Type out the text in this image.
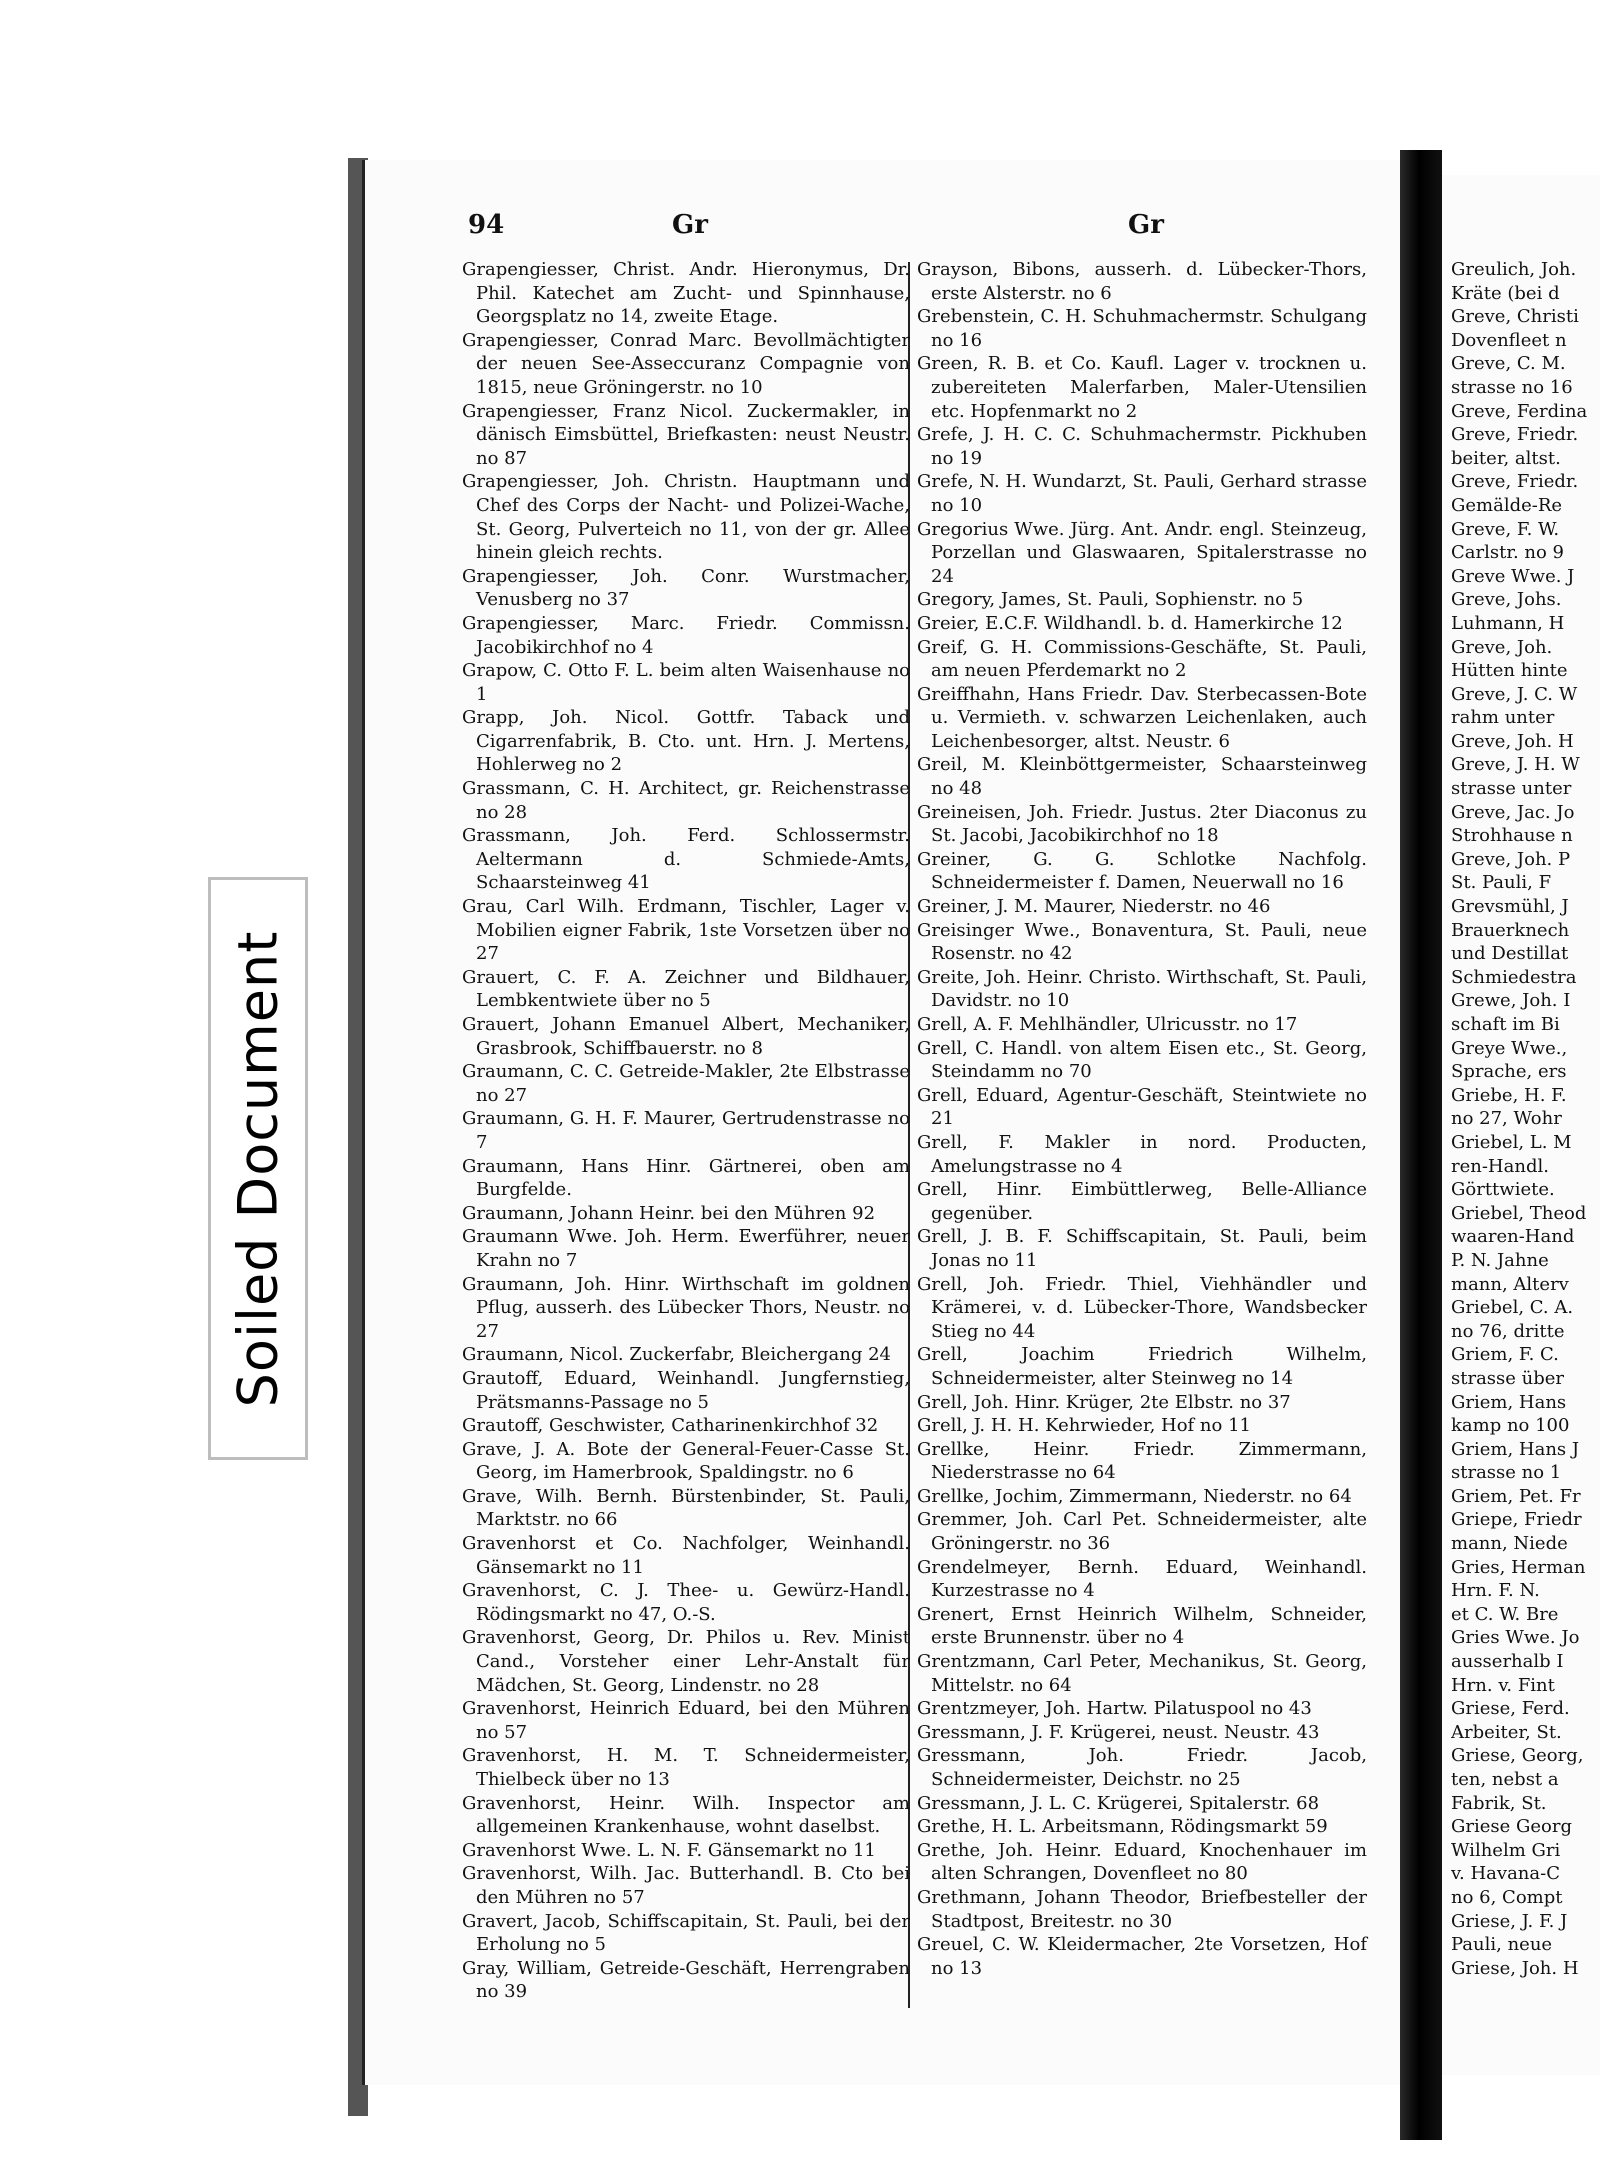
Soiled Document
94	Gr	Gr
Grapengiesser, Christ. Andr. Hieronymus, Dr. Phil. Katechet am Zucht- und Spinnhause, Georgsplatz no 14, zweite Etage.
Grapengiesser, Conrad Marc. Bevollmächtigter der neuen See-Asseccuranz Compagnie von 1815, neue Gröningerstr. no 10
Grapengiesser, Franz Nicol. Zuckermakler, in dänisch Eimsbüttel, Briefkasten: neust Neustr. no 87
Grapengiesser, Joh. Christn. Hauptmann und Chef des Corps der Nacht- und Polizei-Wache, St. Georg, Pulverteich no 11, von der gr. Allee hinein gleich rechts.
Grapengiesser, Joh. Conr. Wurstmacher, Venusberg no 37
Grapengiesser, Marc. Friedr. Commissn. Jacobikirchhof no 4
Grapow, C. Otto F. L. beim alten Waisenhause no 1
Grapp, Joh. Nicol. Gottfr. Taback und Cigarrenfabrik, B. Cto. unt. Hrn. J. Mertens, Hohlerweg no 2
Grassmann, C. H. Architect, gr. Reichenstrasse no 28
Grassmann, Joh. Ferd. Schlossermstr. Aeltermann d. Schmiede-Amts, Schaarsteinweg 41
Grau, Carl Wilh. Erdmann, Tischler, Lager v. Mobilien eigner Fabrik, 1ste Vorsetzen über no 27
Grauert, C. F. A. Zeichner und Bildhauer, Lembkentwiete über no 5
Grauert, Johann Emanuel Albert, Mechaniker, Grasbrook, Schiffbauerstr. no 8
Graumann, C. C. Getreide-Makler, 2te Elbstrasse no 27
Graumann, G. H. F. Maurer, Gertrudenstrasse no 7
Graumann, Hans Hinr. Gärtnerei, oben am Burgfelde.
Graumann, Johann Heinr. bei den Mühren 92
Graumann Wwe. Joh. Herm. Ewerführer, neuer Krahn no 7
Graumann, Joh. Hinr. Wirthschaft im goldnen Pflug, ausserh. des Lübecker Thors, Neustr. no 27
Graumann, Nicol. Zuckerfabr, Bleichergang 24
Grautoff, Eduard, Weinhandl. Jungfernstieg, Prätsmanns-Passage no 5
Grautoff, Geschwister, Catharinenkirchhof 32
Grave, J. A. Bote der General-Feuer-Casse St. Georg, im Hamerbrook, Spaldingstr. no 6
Grave, Wilh. Bernh. Bürstenbinder, St. Pauli, Marktstr. no 66
Gravenhorst et Co. Nachfolger, Weinhandl. Gänsemarkt no 11
Gravenhorst, C. J. Thee- u. Gewürz-Handl. Rödingsmarkt no 47, O.-S.
Gravenhorst, Georg, Dr. Philos u. Rev. Minist Cand., Vorsteher einer Lehr-Anstalt für Mädchen, St. Georg, Lindenstr. no 28
Gravenhorst, Heinrich Eduard, bei den Mühren no 57
Gravenhorst, H. M. T. Schneidermeister, Thielbeck über no 13
Gravenhorst, Heinr. Wilh. Inspector am allgemeinen Krankenhause, wohnt daselbst.
Gravenhorst Wwe. L. N. F. Gänsemarkt no 11
Gravenhorst, Wilh. Jac. Butterhandl. B. Cto bei den Mühren no 57
Gravert, Jacob, Schiffscapitain, St. Pauli, bei der Erholung no 5
Gray, William, Getreide-Geschäft, Herrengraben no 39
Grayson, Bibons, ausserh. d. Lübecker-Thors, erste Alsterstr. no 6
Grebenstein, C. H. Schuhmachermstr. Schulgang no 16
Green, R. B. et Co. Kaufl. Lager v. trocknen u. zubereiteten Malerfarben, Maler-Utensilien etc. Hopfenmarkt no 2
Grefe, J. H. C. C. Schuhmachermstr. Pickhuben no 19
Grefe, N. H. Wundarzt, St. Pauli, Gerhard strasse no 10
Gregorius Wwe. Jürg. Ant. Andr. engl. Steinzeug, Porzellan und Glaswaaren, Spitalerstrasse no 24
Gregory, James, St. Pauli, Sophienstr. no 5
Greier, E.C.F. Wildhandl. b. d. Hamerkirche 12
Greif, G. H. Commissions-Geschäfte, St. Pauli, am neuen Pferdemarkt no 2
Greiffhahn, Hans Friedr. Dav. Sterbecassen-Bote u. Vermieth. v. schwarzen Leichenlaken, auch Leichenbesorger, altst. Neustr. 6
Greil, M. Kleinböttgermeister, Schaarsteinweg no 48
Greineisen, Joh. Friedr. Justus. 2ter Diaconus zu St. Jacobi, Jacobikirchhof no 18
Greiner, G. G. Schlotke Nachfolg. Schneidermeister f. Damen, Neuerwall no 16
Greiner, J. M. Maurer, Niederstr. no 46
Greisinger Wwe., Bonaventura, St. Pauli, neue Rosenstr. no 42
Greite, Joh. Heinr. Christo. Wirthschaft, St. Pauli, Davidstr. no 10
Grell, A. F. Mehlhändler, Ulricusstr. no 17
Grell, C. Handl. von altem Eisen etc., St. Georg, Steindamm no 70
Grell, Eduard, Agentur-Geschäft, Steintwiete no 21
Grell, F. Makler in nord. Producten, Amelungstrasse no 4
Grell, Hinr. Eimbüttlerweg, Belle-Alliance gegenüber.
Grell, J. B. F. Schiffscapitain, St. Pauli, beim Jonas no 11
Grell, Joh. Friedr. Thiel, Viehhändler und Krämerei, v. d. Lübecker-Thore, Wandsbecker Stieg no 44
Grell, Joachim Friedrich Wilhelm, Schneidermeister, alter Steinweg no 14
Grell, Joh. Hinr. Krüger, 2te Elbstr. no 37
Grell, J. H. H. Kehrwieder, Hof no 11
Grellke, Heinr. Friedr. Zimmermann, Niederstrasse no 64
Grellke, Jochim, Zimmermann, Niederstr. no 64
Gremmer, Joh. Carl Pet. Schneidermeister, alte Gröningerstr. no 36
Grendelmeyer, Bernh. Eduard, Weinhandl. Kurzestrasse no 4
Grenert, Ernst Heinrich Wilhelm, Schneider, erste Brunnenstr. über no 4
Grentzmann, Carl Peter, Mechanikus, St. Georg, Mittelstr. no 64
Grentzmeyer, Joh. Hartw. Pilatuspool no 43
Gressmann, J. F. Krügerei, neust. Neustr. 43
Gressmann, Joh. Friedr. Jacob, Schneidermeister, Deichstr. no 25
Gressmann, J. L. C. Krügerei, Spitalerstr. 68
Grethe, H. L. Arbeitsmann, Rödingsmarkt 59
Grethe, Joh. Heinr. Eduard, Knochenhauer im alten Schrangen, Dovenfleet no 80
Grethmann, Johann Theodor, Briefbesteller der Stadtpost, Breitestr. no 30
Greuel, C. W. Kleidermacher, 2te Vorsetzen, Hof no 13
Greulich, Joh.
Kräte (bei d
Greve, Christi
Dovenfleet n
Greve, C. M.
strasse no 16
Greve, Ferdina
Greve, Friedr.
beiter, altst.
Greve, Friedr.
Gemälde-Re
Greve, F. W.
Carlstr. no 9
Greve Wwe. J
Greve, Johs.
Luhmann, H
Greve, Joh.
Hütten hinte
Greve, J. C. W
rahm unter
Greve, Joh. H
Greve, J. H. W
strasse unter
Greve, Jac. Jo
Strohhause n
Greve, Joh. P
St. Pauli, F
Grevsmühl, J
Brauerknech
und Destillat
Schmiedestra
Grewe, Joh. I
schaft im Bi
Greye Wwe.,
Sprache, ers
Griebe, H. F.
no 27, Wohr
Griebel, L. M
ren-Handl.
Görttwiete.
Griebel, Theod
waaren-Hand
P. N. Jahne
mann, Alterv
Griebel, C. A.
no 76, dritte
Griem, F. C.
strasse über
Griem, Hans
kamp no 100
Griem, Hans J
strasse no 1
Griem, Pet. Fr
Griepe, Friedr
mann, Niede
Gries, Herman
Hrn. F. N.
et C. W. Bre
Gries Wwe. Jo
ausserhalb I
Hrn. v. Fint
Griese, Ferd.
Arbeiter, St.
Griese, Georg,
ten, nebst a
Fabrik, St.
Griese Georg
Wilhelm Gri
v. Havana-C
no 6, Compt
Griese, J. F. J
Pauli, neue
Griese, Joh. H
